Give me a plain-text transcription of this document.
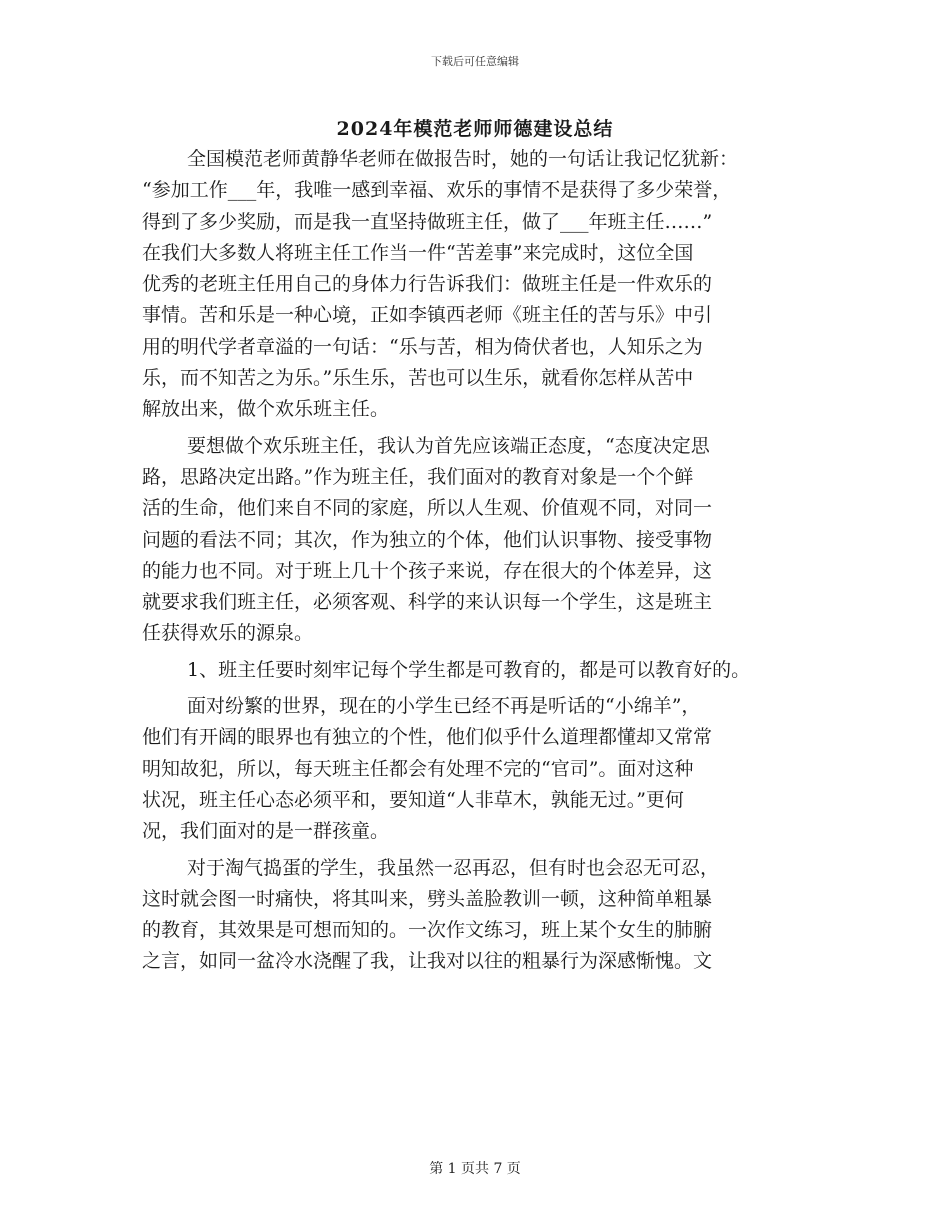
下载后可任意编辑
2024年模范老师师德建设总结
全国模范老师黄静华老师在做报告时，她的一句话让我记忆犹新：
“参加工作___年，我唯一感到幸福、欢乐的事情不是获得了多少荣誉，
得到了多少奖励，而是我一直坚持做班主任，做了___年班主任……”
在我们大多数人将班主任工作当一件“苦差事”来完成时，这位全国
优秀的老班主任用自己的身体力行告诉我们：做班主任是一件欢乐的
事情。苦和乐是一种心境，正如李镇西老师《班主任的苦与乐》中引
用的明代学者章溢的一句话：“乐与苦，相为倚伏者也，人知乐之为
乐，而不知苦之为乐。”乐生乐，苦也可以生乐，就看你怎样从苦中
解放出来，做个欢乐班主任。
要想做个欢乐班主任，我认为首先应该端正态度，“态度决定思
路，思路决定出路。”作为班主任，我们面对的教育对象是一个个鲜
活的生命，他们来自不同的家庭，所以人生观、价值观不同，对同一
问题的看法不同；其次，作为独立的个体，他们认识事物、接受事物
的能力也不同。对于班上几十个孩子来说，存在很大的个体差异，这
就要求我们班主任，必须客观、科学的来认识每一个学生，这是班主
任获得欢乐的源泉。
1、班主任要时刻牢记每个学生都是可教育的，都是可以教育好的。
面对纷繁的世界，现在的小学生已经不再是听话的“小绵羊”，
他们有开阔的眼界也有独立的个性，他们似乎什么道理都懂却又常常
明知故犯，所以，每天班主任都会有处理不完的“官司”。面对这种
状况，班主任心态必须平和，要知道“人非草木，孰能无过。”更何
况，我们面对的是一群孩童。
对于淘气捣蛋的学生，我虽然一忍再忍，但有时也会忍无可忍，
这时就会图一时痛快，将其叫来，劈头盖脸教训一顿，这种简单粗暴
的教育，其效果是可想而知的。一次作文练习，班上某个女生的肺腑
之言，如同一盆冷水浇醒了我，让我对以往的粗暴行为深感惭愧。文
第 1 页共 7 页
